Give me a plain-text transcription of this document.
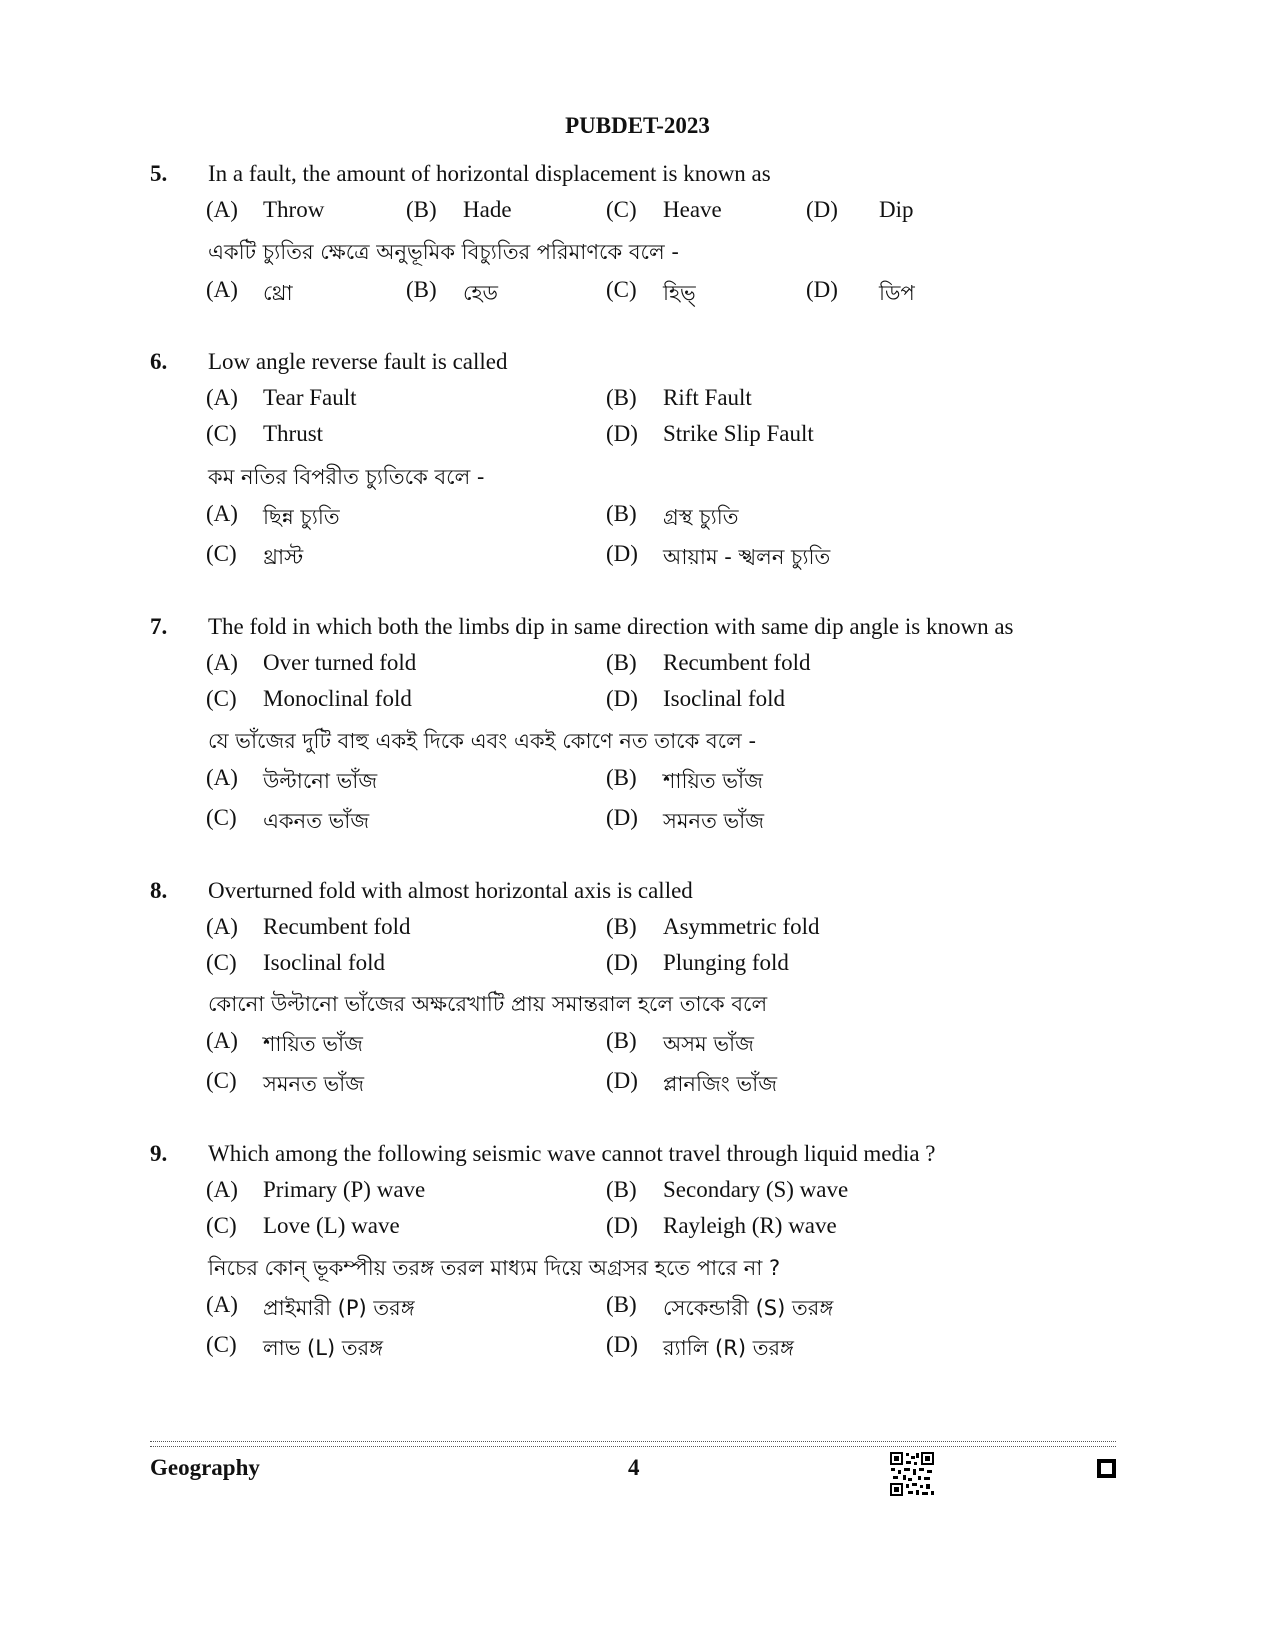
PUBDET-2023
5. In a fault, the amount of horizontal displacement is known as
(A) Throw	(B) Hade	(C) Heave	(D) Dip
একটি চ্যুতির ক্ষেত্রে অনুভূমিক বিচ্যুতির পরিমাণকে বলে -
(A) থ্রো	(B) হেড	(C) হিভ্	(D) ডিপ
6. Low angle reverse fault is called
(A) Tear Fault	(B) Rift Fault
(C) Thrust	(D) Strike Slip Fault
কম নতির বিপরীত চ্যুতিকে বলে -
(A) ছিন্ন চ্যুতি	(B) গ্রস্থ চ্যুতি
(C) থ্রাস্ট	(D) আয়াম - স্খলন চ্যুতি
7. The fold in which both the limbs dip in same direction with same dip angle is known as
(A) Over turned fold	(B) Recumbent fold
(C) Monoclinal fold	(D) Isoclinal fold
যে ভাঁজের দুটি বাহু একই দিকে এবং একই কোণে নত তাকে বলে -
(A) উল্টানো ভাঁজ	(B) শায়িত ভাঁজ
(C) একনত ভাঁজ	(D) সমনত ভাঁজ
8. Overturned fold with almost horizontal axis is called
(A) Recumbent fold	(B) Asymmetric fold
(C) Isoclinal fold	(D) Plunging fold
কোনো উল্টানো ভাঁজের অক্ষরেখাটি প্রায় সমান্তরাল হলে তাকে বলে
(A) শায়িত ভাঁজ	(B) অসম ভাঁজ
(C) সমনত ভাঁজ	(D) প্লানজিং ভাঁজ
9. Which among the following seismic wave cannot travel through liquid media ?
(A) Primary (P) wave	(B) Secondary (S) wave
(C) Love (L) wave	(D) Rayleigh (R) wave
নিচের কোন্ ভূকম্পীয় তরঙ্গ তরল মাধ্যম দিয়ে অগ্রসর হতে পারে না ?
(A) প্রাইমারী (P) তরঙ্গ	(B) সেকেন্ডারী (S) তরঙ্গ
(C) লাভ (L) তরঙ্গ	(D) র‍্যালি (R) তরঙ্গ
Geography	4
